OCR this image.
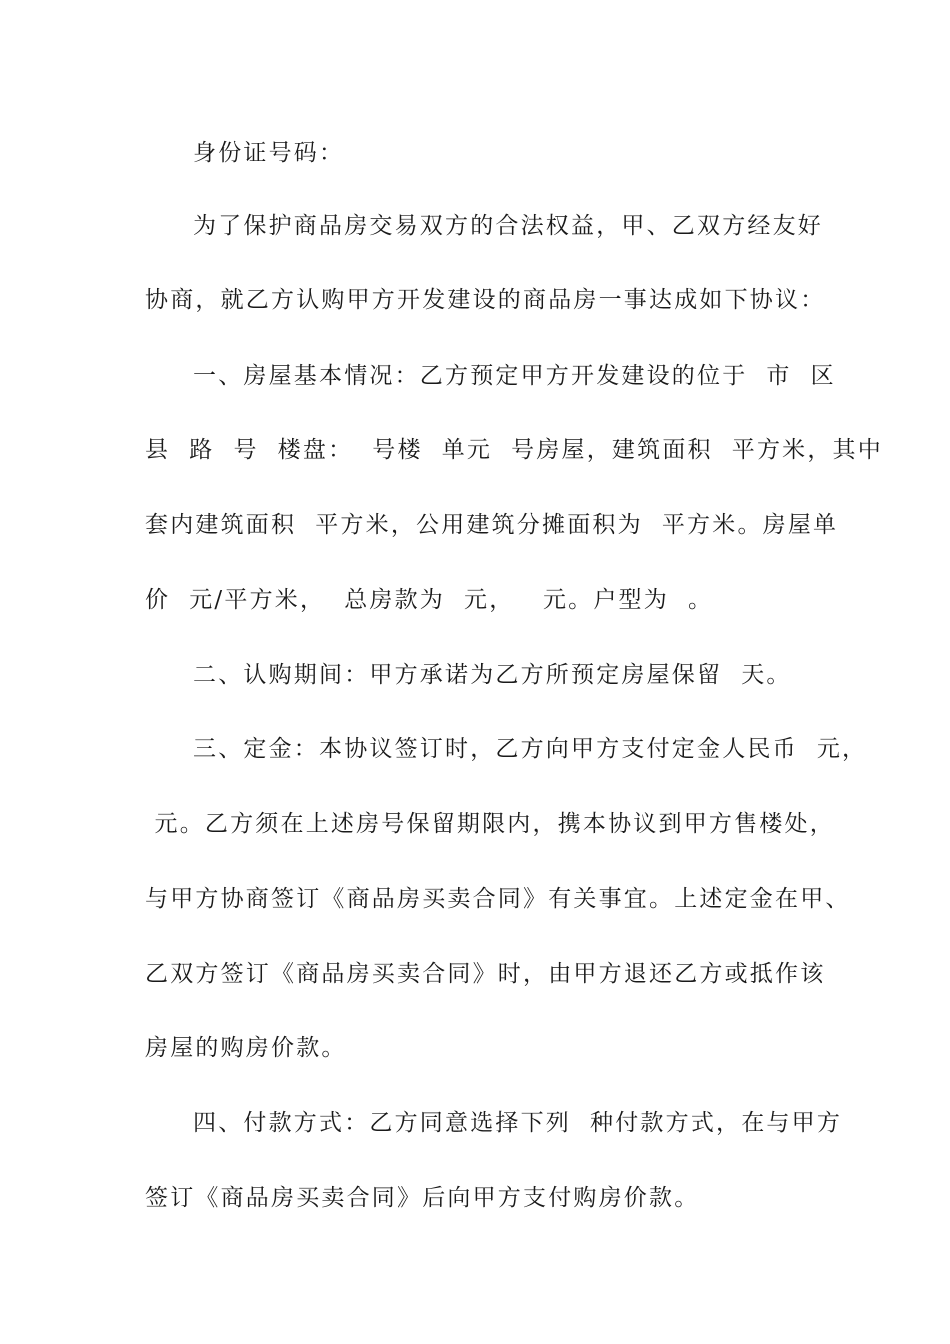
身份证号码：
为了保护商品房交易双方的合法权益，甲、乙双方经友好
协商，就乙方认购甲方开发建设的商品房一事达成如下协议：
一、房屋基本情况：乙方预定甲方开发建设的位于  市  区
县  路  号  楼盘：  号楼  单元  号房屋，建筑面积  平方米，其中
套内建筑面积  平方米，公用建筑分摊面积为  平方米。房屋单
价  元/平方米，  总房款为  元，   元。户型为  。
二、认购期间：甲方承诺为乙方所预定房屋保留  天。
三、定金：本协议签订时，乙方向甲方支付定金人民币  元，
元。乙方须在上述房号保留期限内，携本协议到甲方售楼处，
与甲方协商签订《商品房买卖合同》有关事宜。上述定金在甲、
乙双方签订《商品房买卖合同》时，由甲方退还乙方或抵作该
房屋的购房价款。
四、付款方式：乙方同意选择下列  种付款方式，在与甲方
签订《商品房买卖合同》后向甲方支付购房价款。
